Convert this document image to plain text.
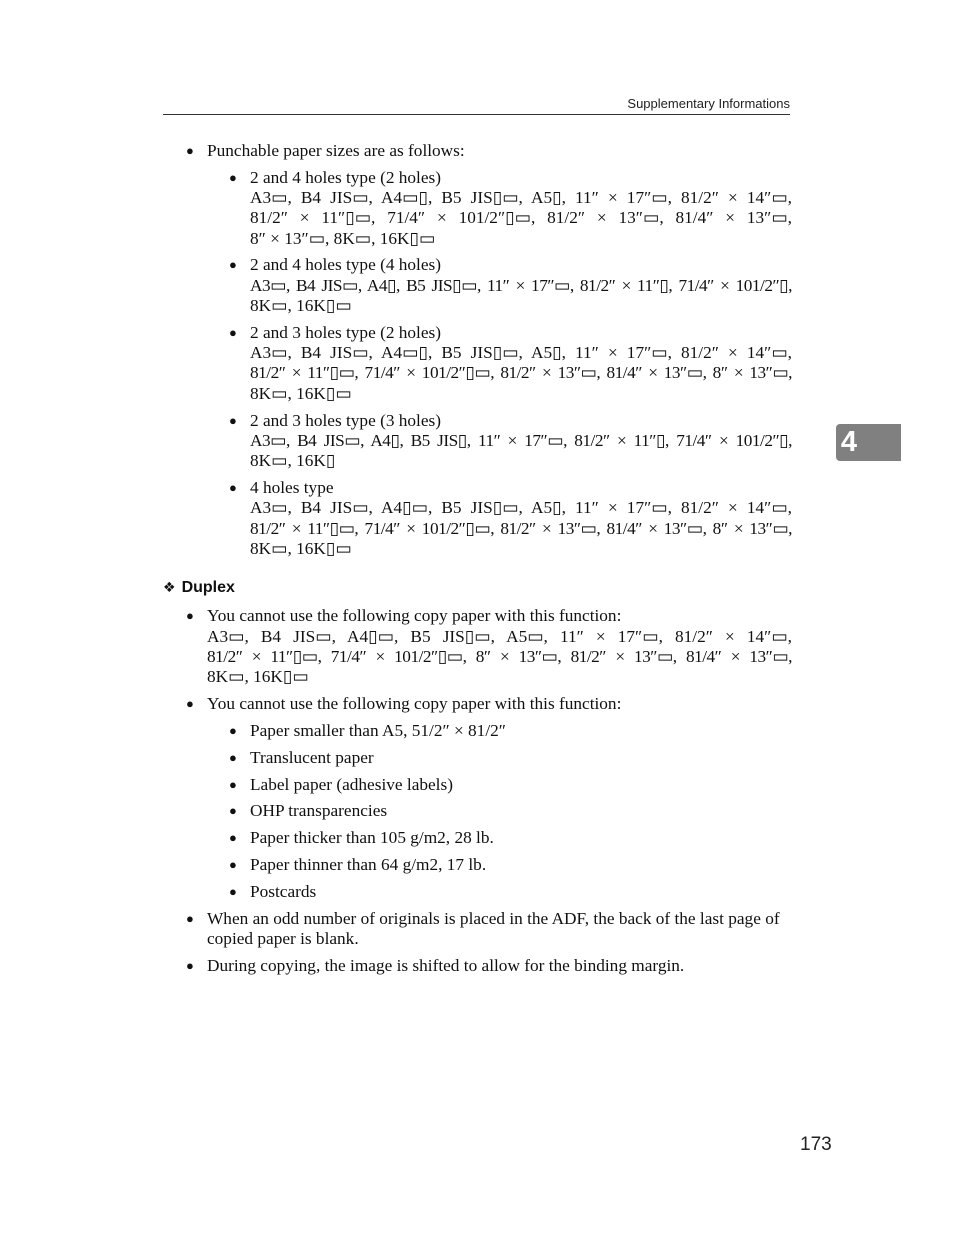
Supplementary Informations
4
● Punchable paper sizes are as follows:
● 2 and 4 holes type (2 holes)
A3▭, B4 JIS▭, A4▭▯, B5 JIS▯▭, A5▯, 11″ × 17″▭, 81/2″ × 14″▭,
81/2″ × 11″▯▭, 71/4″ × 101/2″▯▭, 81/2″ × 13″▭, 81/4″ × 13″▭,
8″ × 13″▭, 8K▭, 16K▯▭
● 2 and 4 holes type (4 holes)
A3▭, B4 JIS▭, A4▯, B5 JIS▯▭, 11″ × 17″▭, 81/2″ × 11″▯, 71/4″ × 101/2″▯,
8K▭, 16K▯▭
● 2 and 3 holes type (2 holes)
A3▭, B4 JIS▭, A4▭▯, B5 JIS▯▭, A5▯, 11″ × 17″▭, 81/2″ × 14″▭,
81/2″ × 11″▯▭, 71/4″ × 101/2″▯▭, 81/2″ × 13″▭, 81/4″ × 13″▭, 8″ × 13″▭,
8K▭, 16K▯▭
● 2 and 3 holes type (3 holes)
A3▭, B4 JIS▭, A4▯, B5 JIS▯, 11″ × 17″▭, 81/2″ × 11″▯, 71/4″ × 101/2″▯,
8K▭, 16K▯
● 4 holes type
A3▭, B4 JIS▭, A4▯▭, B5 JIS▯▭, A5▯, 11″ × 17″▭, 81/2″ × 14″▭,
81/2″ × 11″▯▭, 71/4″ × 101/2″▯▭, 81/2″ × 13″▭, 81/4″ × 13″▭, 8″ × 13″▭,
8K▭, 16K▯▭
❖ Duplex
● You cannot use the following copy paper with this function:
A3▭, B4 JIS▭, A4▯▭, B5 JIS▯▭, A5▭, 11″ × 17″▭, 81/2″ × 14″▭,
81/2″ × 11″▯▭, 71/4″ × 101/2″▯▭, 8″ × 13″▭, 81/2″ × 13″▭, 81/4″ × 13″▭,
8K▭, 16K▯▭
● You cannot use the following copy paper with this function:
● Paper smaller than A5, 51/2″ × 81/2″
● Translucent paper
● Label paper (adhesive labels)
● OHP transparencies
● Paper thicker than 105 g/m2, 28 lb.
● Paper thinner than 64 g/m2, 17 lb.
● Postcards
● When an odd number of originals is placed in the ADF, the back of the last page of copied paper is blank.
● During copying, the image is shifted to allow for the binding margin.
173
